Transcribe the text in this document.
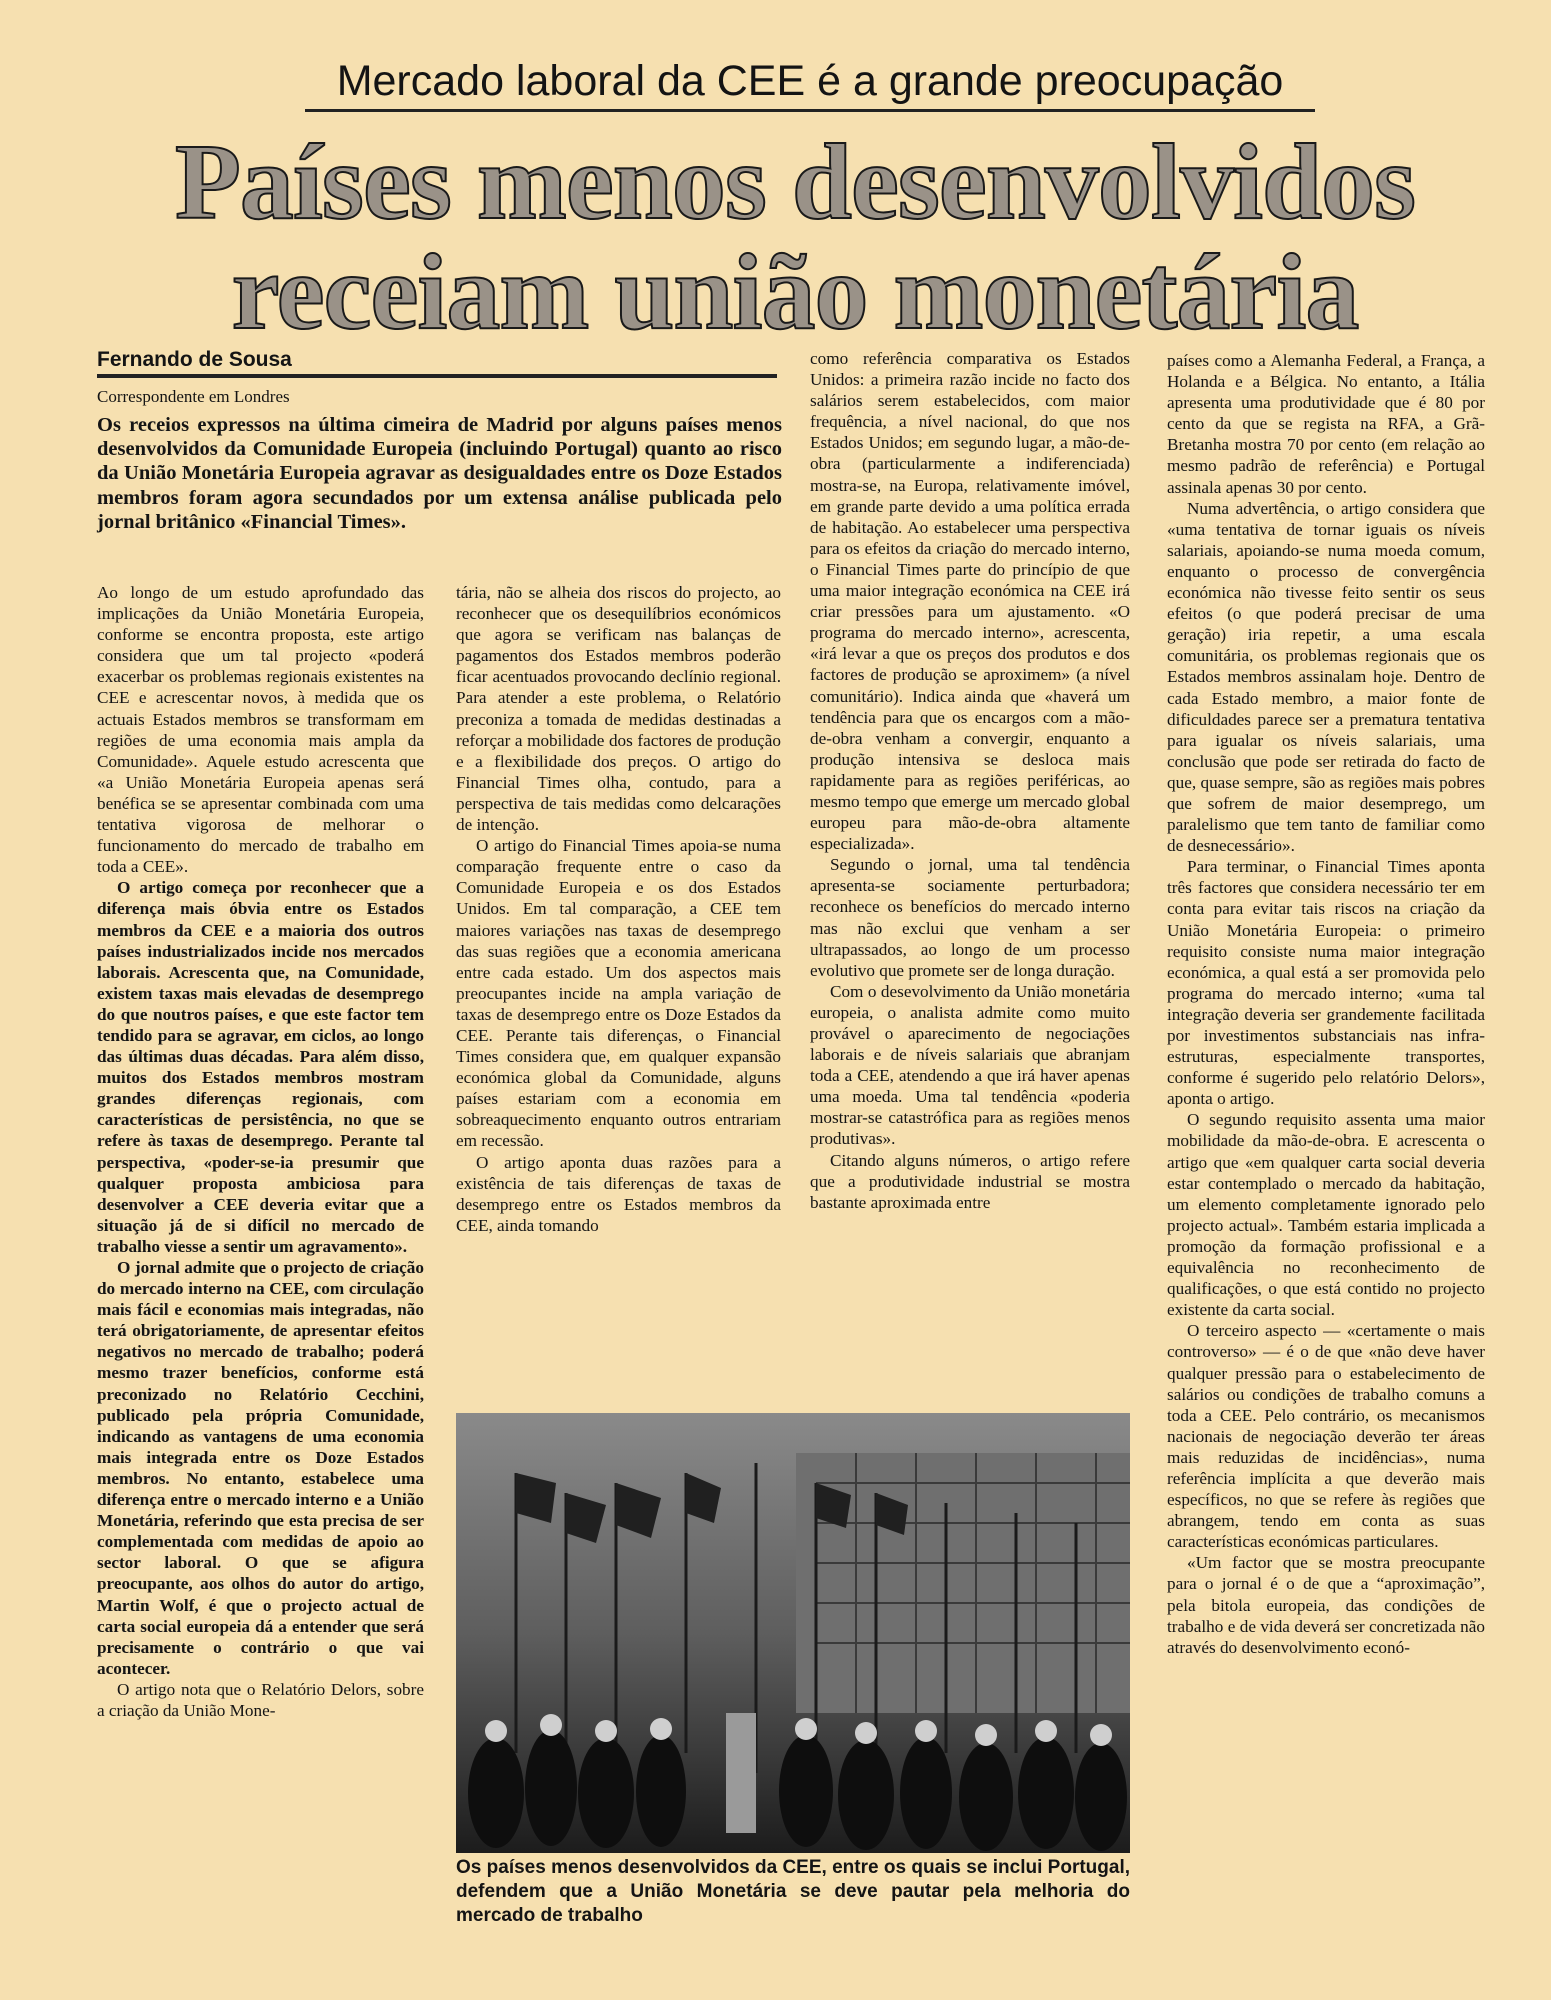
Mercado laboral da CEE é a grande preocupação
Países menos desenvolvidos
receiam união monetária
Fernando de Sousa
Correspondente em Londres
Os receios expressos na última cimeira de Madrid por alguns países menos desenvolvidos da Comunidade Europeia (incluindo Portugal) quanto ao risco da União Monetária Europeia agravar as desigualdades entre os Doze Estados membros foram agora secundados por um extensa análise publicada pelo jornal britânico «Financial Times».

Ao longo de um estudo aprofundado das implicações da União Monetária Europeia, conforme se encontra proposta, este artigo considera que um tal projecto «poderá exacerbar os problemas regionais existentes na CEE e acrescentar novos, à medida que os actuais Estados membros se transformam em regiões de uma economia mais ampla da Comunidade». Aquele estudo acrescenta que «a União Monetária Europeia apenas será benéfica se se apresentar combinada com uma tentativa vigorosa de melhorar o funcionamento do mercado de trabalho em toda a CEE».

O artigo começa por reconhecer que a diferença mais óbvia entre os Estados membros da CEE e a maioria dos outros países industrializados incide nos mercados laborais. Acrescenta que, na Comunidade, existem taxas mais elevadas de desemprego do que noutros países, e que este factor tem tendido para se agravar, em ciclos, ao longo das últimas duas décadas. Para além disso, muitos dos Estados membros mostram grandes diferenças regionais, com características de persistência, no que se refere às taxas de desemprego. Perante tal perspectiva, «poder-se-ia presumir que qualquer proposta ambiciosa para desenvolver a CEE deveria evitar que a situação já de si difícil no mercado de trabalho viesse a sentir um agravamento».

O jornal admite que o projecto de criação do mercado interno na CEE, com circulação mais fácil e economias mais integradas, não terá obrigatoriamente, de apresentar efeitos negativos no mercado de trabalho; poderá mesmo trazer benefícios, conforme está preconizado no Relatório Cecchini, publicado pela própria Comunidade, indicando as vantagens de uma economia mais integrada entre os Doze Estados membros. No entanto, estabelece uma diferença entre o mercado interno e a União Monetária, referindo que esta precisa de ser complementada com medidas de apoio ao sector laboral. O que se afigura preocupante, aos olhos do autor do artigo, Martin Wolf, é que o projecto actual de carta social europeia dá a entender que será precisamente o contrário o que vai acontecer.

O artigo nota que o Relatório Delors, sobre a criação da União Mone-

tária, não se alheia dos riscos do projecto, ao reconhecer que os desequilíbrios económicos que agora se verificam nas balanças de pagamentos dos Estados membros poderão ficar acentuados provocando declínio regional. Para atender a este problema, o Relatório preconiza a tomada de medidas destinadas a reforçar a mobilidade dos factores de produção e a flexibilidade dos preços. O artigo do Financial Times olha, contudo, para a perspectiva de tais medidas como delcarações de intenção.

O artigo do Financial Times apoia-se numa comparação frequente entre o caso da Comunidade Europeia e os dos Estados Unidos. Em tal comparação, a CEE tem maiores variações nas taxas de desemprego das suas regiões que a economia americana entre cada estado. Um dos aspectos mais preocupantes incide na ampla variação de taxas de desemprego entre os Doze Estados da CEE. Perante tais diferenças, o Financial Times considera que, em qualquer expansão económica global da Comunidade, alguns países estariam com a economia em sobreaquecimento enquanto outros entrariam em recessão.

O artigo aponta duas razões para a existência de tais diferenças de taxas de desemprego entre os Estados membros da CEE, ainda tomando

como referência comparativa os Estados Unidos: a primeira razão incide no facto dos salários serem estabelecidos, com maior frequência, a nível nacional, do que nos Estados Unidos; em segundo lugar, a mão-de-obra (particularmente a indiferenciada) mostra-se, na Europa, relativamente imóvel, em grande parte devido a uma política errada de habitação. Ao estabelecer uma perspectiva para os efeitos da criação do mercado interno, o Financial Times parte do princípio de que uma maior integração económica na CEE irá criar pressões para um ajustamento. «O programa do mercado interno», acrescenta, «irá levar a que os preços dos produtos e dos factores de produção se aproximem» (a nível comunitário). Indica ainda que «haverá um tendência para que os encargos com a mão-de-obra venham a convergir, enquanto a produção intensiva se desloca mais rapidamente para as regiões periféricas, ao mesmo tempo que emerge um mercado global europeu para mão-de-obra altamente especializada».

Segundo o jornal, uma tal tendência apresenta-se sociamente perturbadora; reconhece os benefícios do mercado interno mas não exclui que venham a ser ultrapassados, ao longo de um processo evolutivo que promete ser de longa duração.

Com o desevolvimento da União monetária europeia, o analista admite como muito provável o aparecimento de negociações laborais e de níveis salariais que abranjam toda a CEE, atendendo a que irá haver apenas uma moeda. Uma tal tendência «poderia mostrar-se catastrófica para as regiões menos produtivas».

Citando alguns números, o artigo refere que a produtividade industrial se mostra bastante aproximada entre

países como a Alemanha Federal, a França, a Holanda e a Bélgica. No entanto, a Itália apresenta uma produtividade que é 80 por cento da que se regista na RFA, a Grã-Bretanha mostra 70 por cento (em relação ao mesmo padrão de referência) e Portugal assinala apenas 30 por cento.

Numa advertência, o artigo considera que «uma tentativa de tornar iguais os níveis salariais, apoiando-se numa moeda comum, enquanto o processo de convergência económica não tivesse feito sentir os seus efeitos (o que poderá precisar de uma geração) iria repetir, a uma escala comunitária, os problemas regionais que os Estados membros assinalam hoje. Dentro de cada Estado membro, a maior fonte de dificuldades parece ser a prematura tentativa para igualar os níveis salariais, uma conclusão que pode ser retirada do facto de que, quase sempre, são as regiões mais pobres que sofrem de maior desemprego, um paralelismo que tem tanto de familiar como de desnecessário».

Para terminar, o Financial Times aponta três factores que considera necessário ter em conta para evitar tais riscos na criação da União Monetária Europeia: o primeiro requisito consiste numa maior integração económica, a qual está a ser promovida pelo programa do mercado interno; «uma tal integração deveria ser grandemente facilitada por investimentos substanciais nas infra-estruturas, especialmente transportes, conforme é sugerido pelo relatório Delors», aponta o artigo.

O segundo requisito assenta uma maior mobilidade da mão-de-obra. E acrescenta o artigo que «em qualquer carta social deveria estar contemplado o mercado da habitação, um elemento completamente ignorado pelo projecto actual». Também estaria implicada a promoção da formação profissional e a equivalência no reconhecimento de qualificações, o que está contido no projecto existente da carta social.

O terceiro aspecto — «certamente o mais controverso» — é o de que «não deve haver qualquer pressão para o estabelecimento de salários ou condições de trabalho comuns a toda a CEE. Pelo contrário, os mecanismos nacionais de negociação deverão ter áreas mais reduzidas de incidências», numa referência implícita a que deverão mais específicos, no que se refere às regiões que abrangem, tendo em conta as suas características económicas particulares.

«Um factor que se mostra preocupante para o jornal é o de que a “aproximação”, pela bitola europeia, das condições de trabalho e de vida deverá ser concretizada não através do desenvolvimento econó-

Os países menos desenvolvidos da CEE, entre os quais se inclui Portugal, defendem que a União Monetária se deve pautar pela melhoria do mercado de trabalho
